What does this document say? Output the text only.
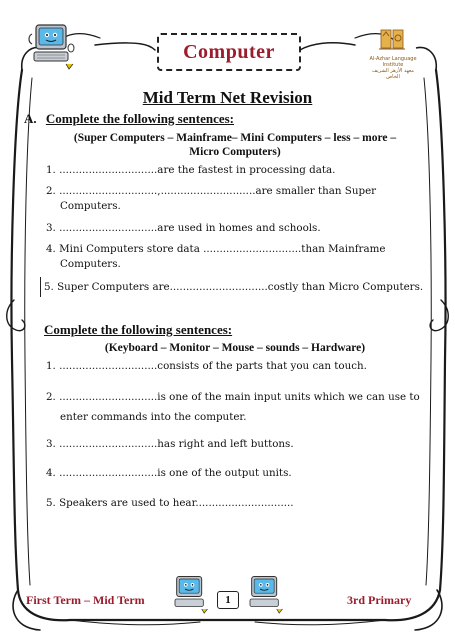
Computer	Al-Azhar Language Institute
معهد الأزهر الشريف الخاص
Mid Term Net Revision
A. Complete the following sentences:
(Super Computers – Mainframe– Mini Computers – less – more –
Micro Computers)
1. ..............................are the fastest in processing data.
2. ..............................,.............................are smaller than Super
Computers.
3. ..............................are used in homes and schools.
4. Mini Computers store data ..............................than Mainframe
Computers.
5. Super Computers are..............................costly than Micro Computers.
Complete the following sentences:
(Keyboard – Monitor – Mouse – sounds – Hardware)
1. ..............................consists of the parts that you can touch.
2. ..............................is one of the main input units which we can use to
enter commands into the computer.
3. ..............................has right and left buttons.
4. ..............................is one of the output units.
5. Speakers are used to hear..............................
First Term – Mid Term	1	3rd Primary
